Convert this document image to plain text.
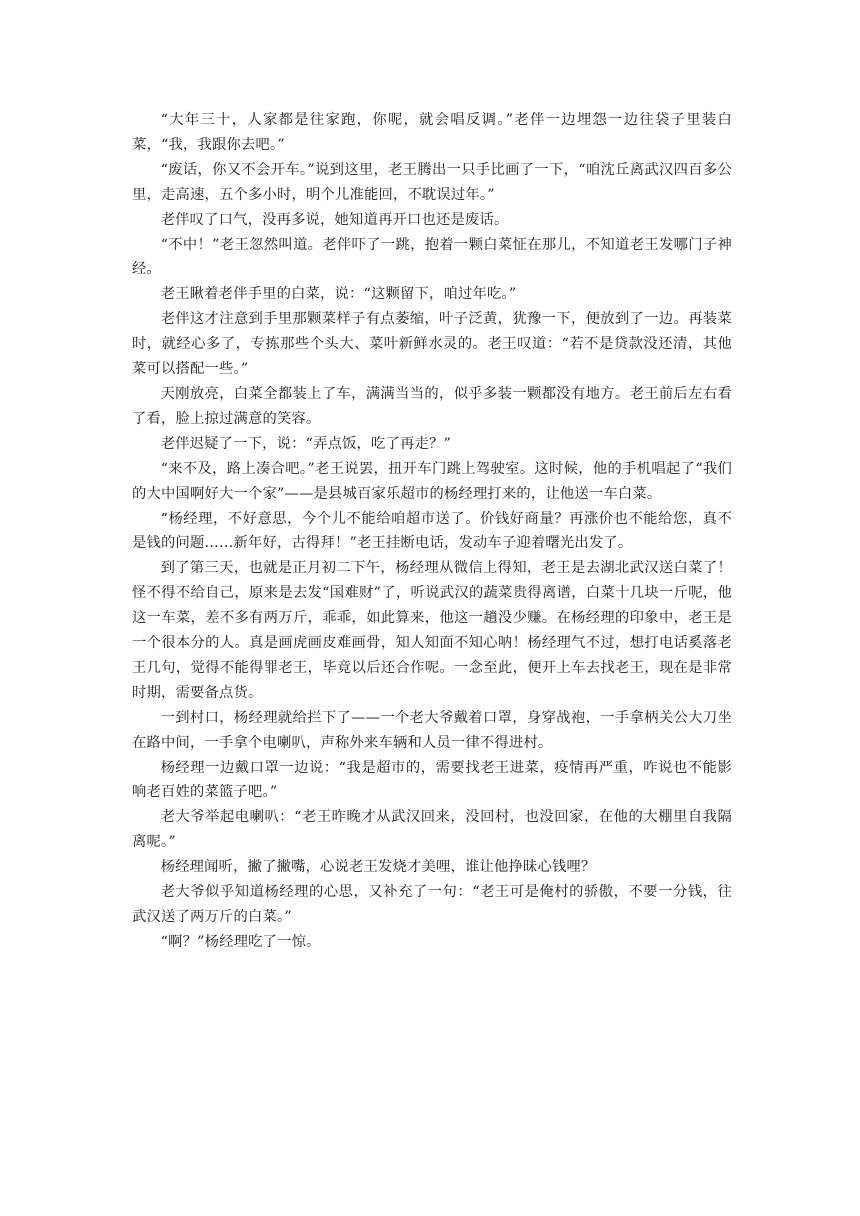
“大年三十，人家都是往家跑，你呢，就会唱反调。”老伴一边埋怨一边往袋子里装白菜，“我，我跟你去吧。”

“废话，你又不会开车。”说到这里，老王腾出一只手比画了一下，“咱沈丘离武汉四百多公里，走高速，五个多小时，明个儿准能回，不耽误过年。”

老伴叹了口气，没再多说，她知道再开口也还是废话。

“不中！”老王忽然叫道。老伴吓了一跳，抱着一颗白菜怔在那儿，不知道老王发哪门子神经。

老王瞅着老伴手里的白菜，说：“这颗留下，咱过年吃。”

老伴这才注意到手里那颗菜样子有点萎缩，叶子泛黄，犹豫一下，便放到了一边。再装菜时，就经心多了，专拣那些个头大、菜叶新鲜水灵的。老王叹道：“若不是贷款没还清，其他菜可以搭配一些。”

天刚放亮，白菜全都装上了车，满满当当的，似乎多装一颗都没有地方。老王前后左右看了看，脸上掠过满意的笑容。

老伴迟疑了一下，说：“弄点饭，吃了再走？”

“来不及，路上凑合吧。”老王说罢，扭开车门跳上驾驶室。这时候，他的手机唱起了“我们的大中国啊好大一个家”——是县城百家乐超市的杨经理打来的，让他送一车白菜。

“杨经理，不好意思，今个儿不能给咱超市送了。价钱好商量？再涨价也不能给您，真不是钱的问题……新年好，古得拜！”老王挂断电话，发动车子迎着曙光出发了。

到了第三天，也就是正月初二下午，杨经理从微信上得知，老王是去湖北武汉送白菜了！怪不得不给自己，原来是去发“国难财”了，听说武汉的蔬菜贵得离谱，白菜十几块一斤呢，他这一车菜，差不多有两万斤，乖乖，如此算来，他这一趟没少赚。在杨经理的印象中，老王是一个很本分的人。真是画虎画皮难画骨，知人知面不知心呐！杨经理气不过，想打电话奚落老王几句，觉得不能得罪老王，毕竟以后还合作呢。一念至此，便开上车去找老王，现在是非常时期，需要备点货。

一到村口，杨经理就给拦下了——一个老大爷戴着口罩，身穿战袍，一手拿柄关公大刀坐在路中间，一手拿个电喇叭，声称外来车辆和人员一律不得进村。

杨经理一边戴口罩一边说：“我是超市的，需要找老王进菜，疫情再严重，咋说也不能影响老百姓的菜篮子吧。”

老大爷举起电喇叭：“老王昨晚才从武汉回来，没回村，也没回家，在他的大棚里自我隔离呢。”

杨经理闻听，撇了撇嘴，心说老王发烧才美哩，谁让他挣昧心钱哩？

老大爷似乎知道杨经理的心思，又补充了一句：“老王可是俺村的骄傲，不要一分钱，往武汉送了两万斤的白菜。”

“啊？”杨经理吃了一惊。
